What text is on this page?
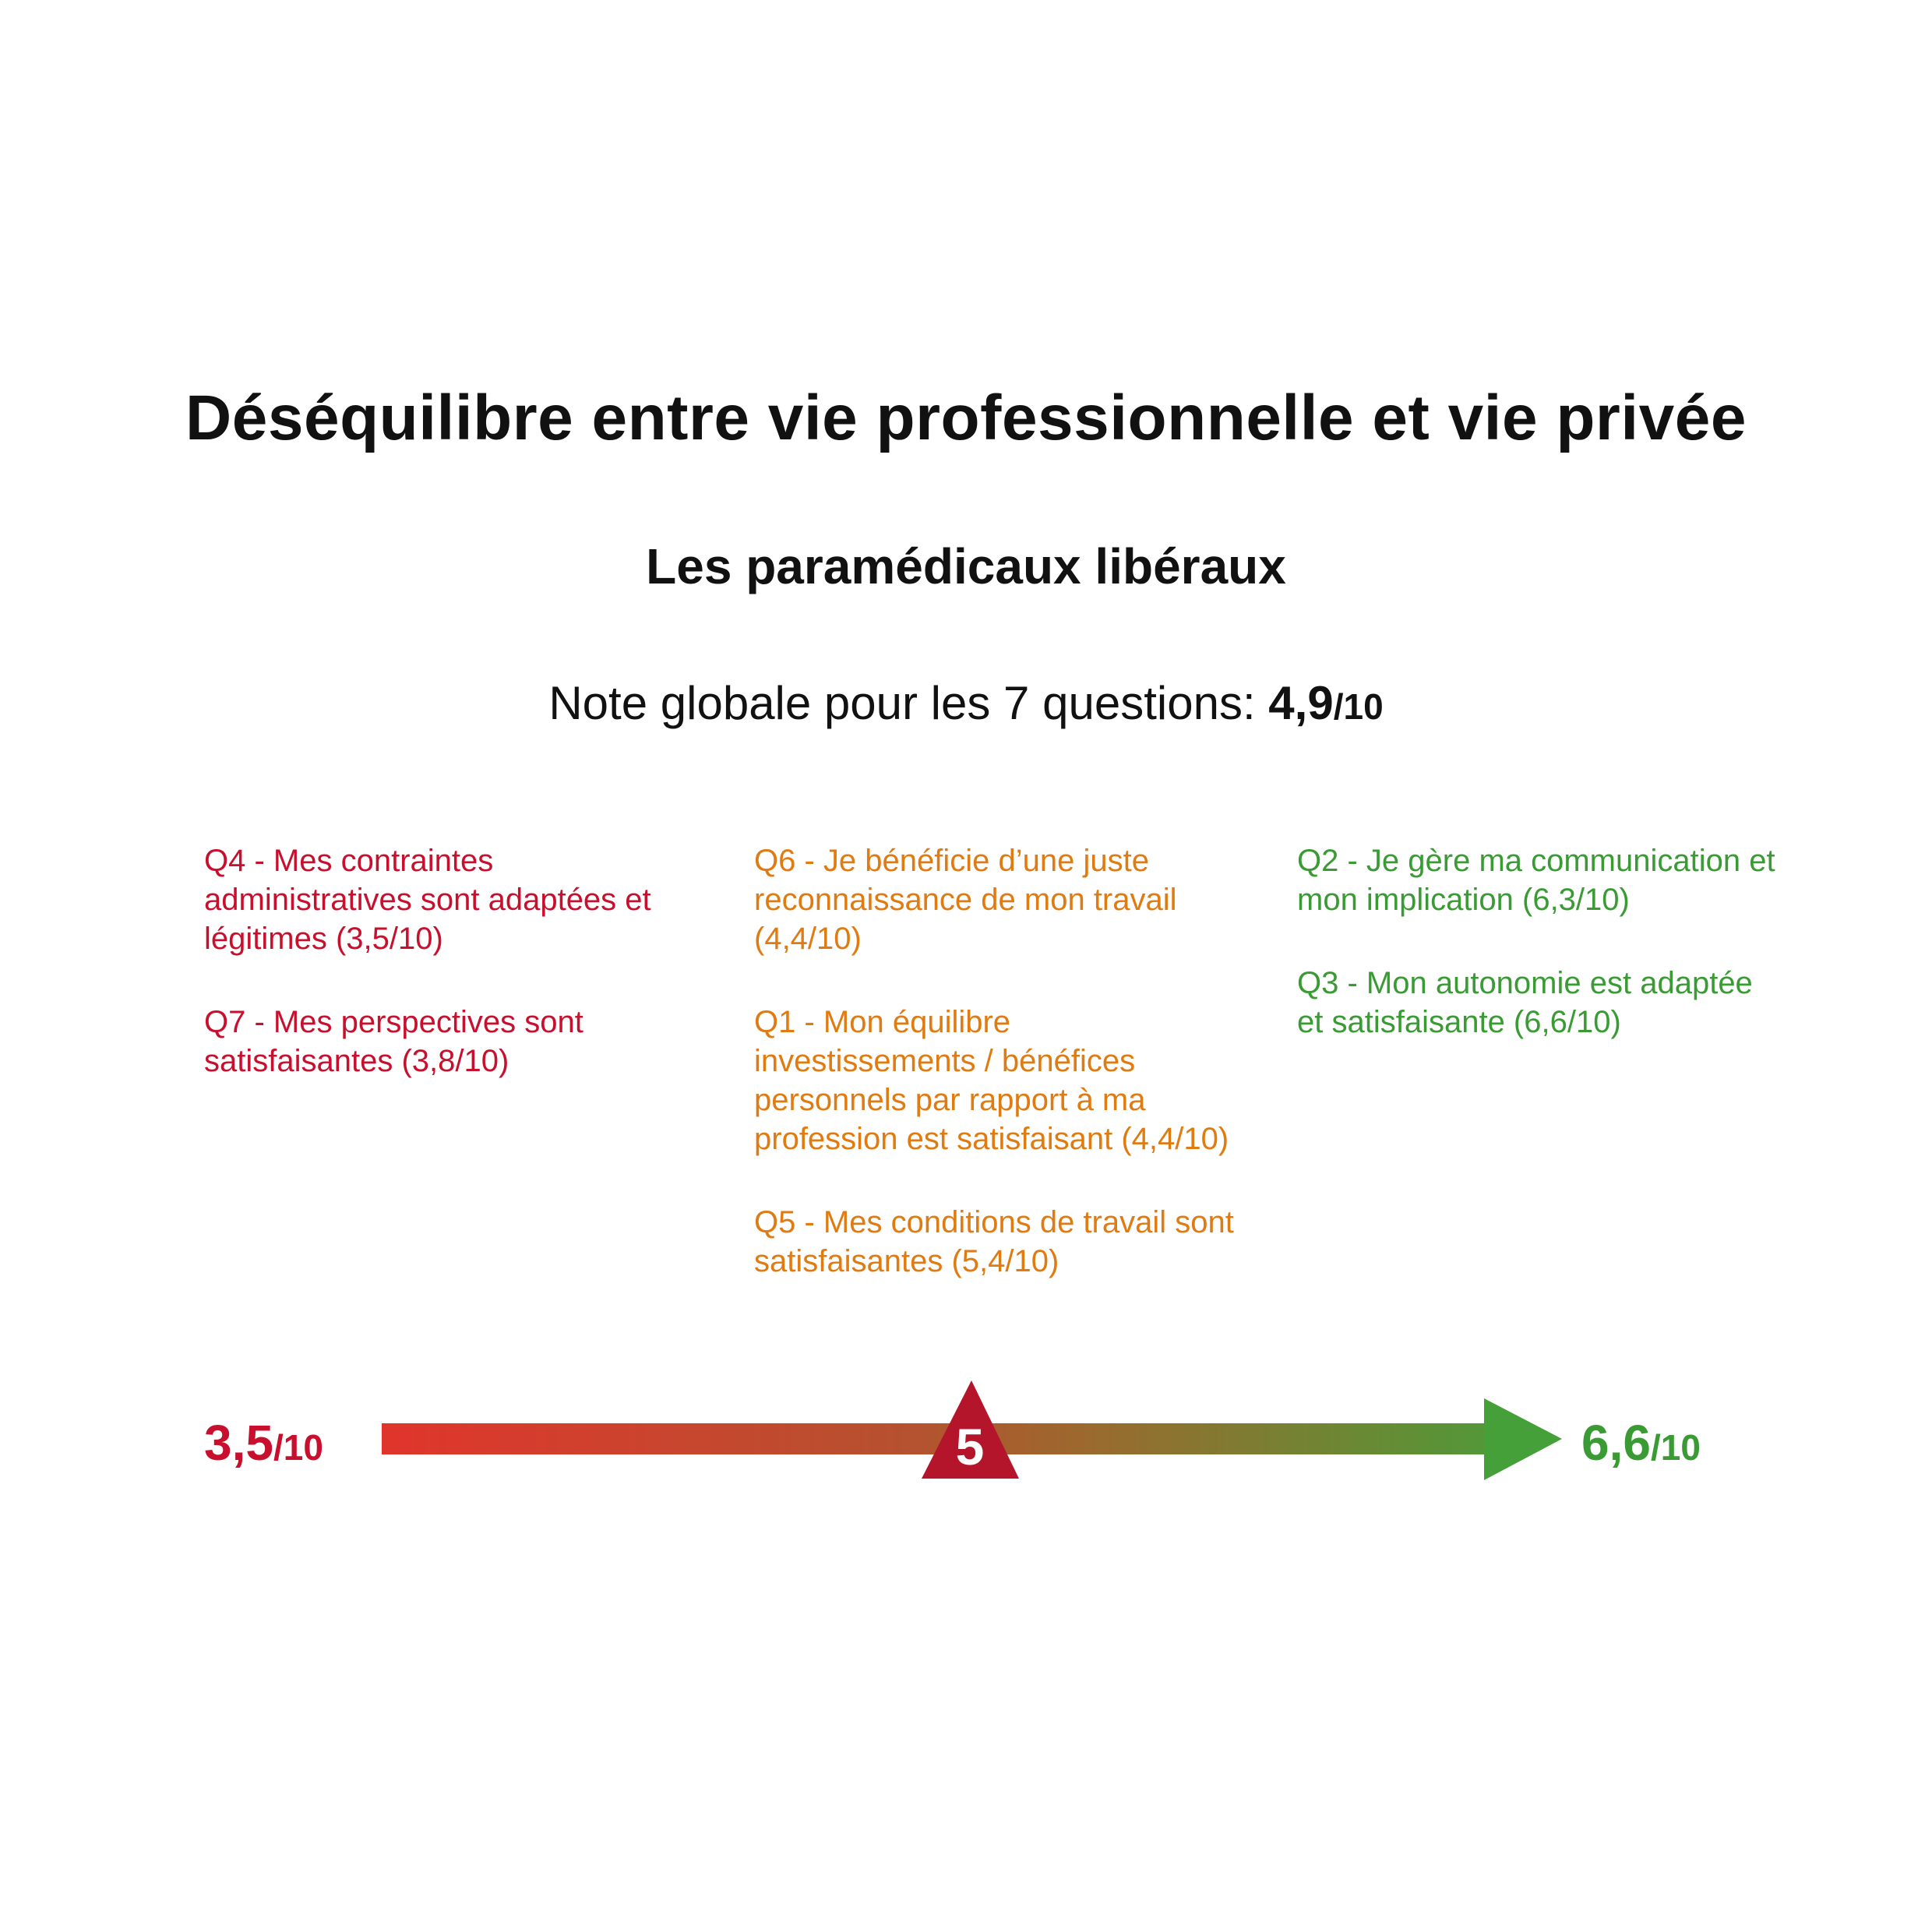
Déséquilibre entre vie professionnelle et vie privée
Les paramédicaux libéraux
Note globale pour les 7 questions: 4,9/10

Q4 - Mes contraintes administratives sont adaptées et légitimes (3,5/10)

Q7 - Mes perspectives sont satisfaisantes (3,8/10)

Q6 - Je bénéficie d’une juste reconnaissance de mon travail (4,4/10)

Q1 - Mon équilibre investissements / bénéfices personnels par rapport à ma profession est satisfaisant (4,4/10)

Q5 - Mes conditions de travail sont satisfaisantes (5,4/10)

Q2 - Je gère ma communication et mon implication (6,3/10)

Q3 - Mon autonomie est adaptée et satisfaisante (6,6/10)

3,5/10	6,6/10
5
